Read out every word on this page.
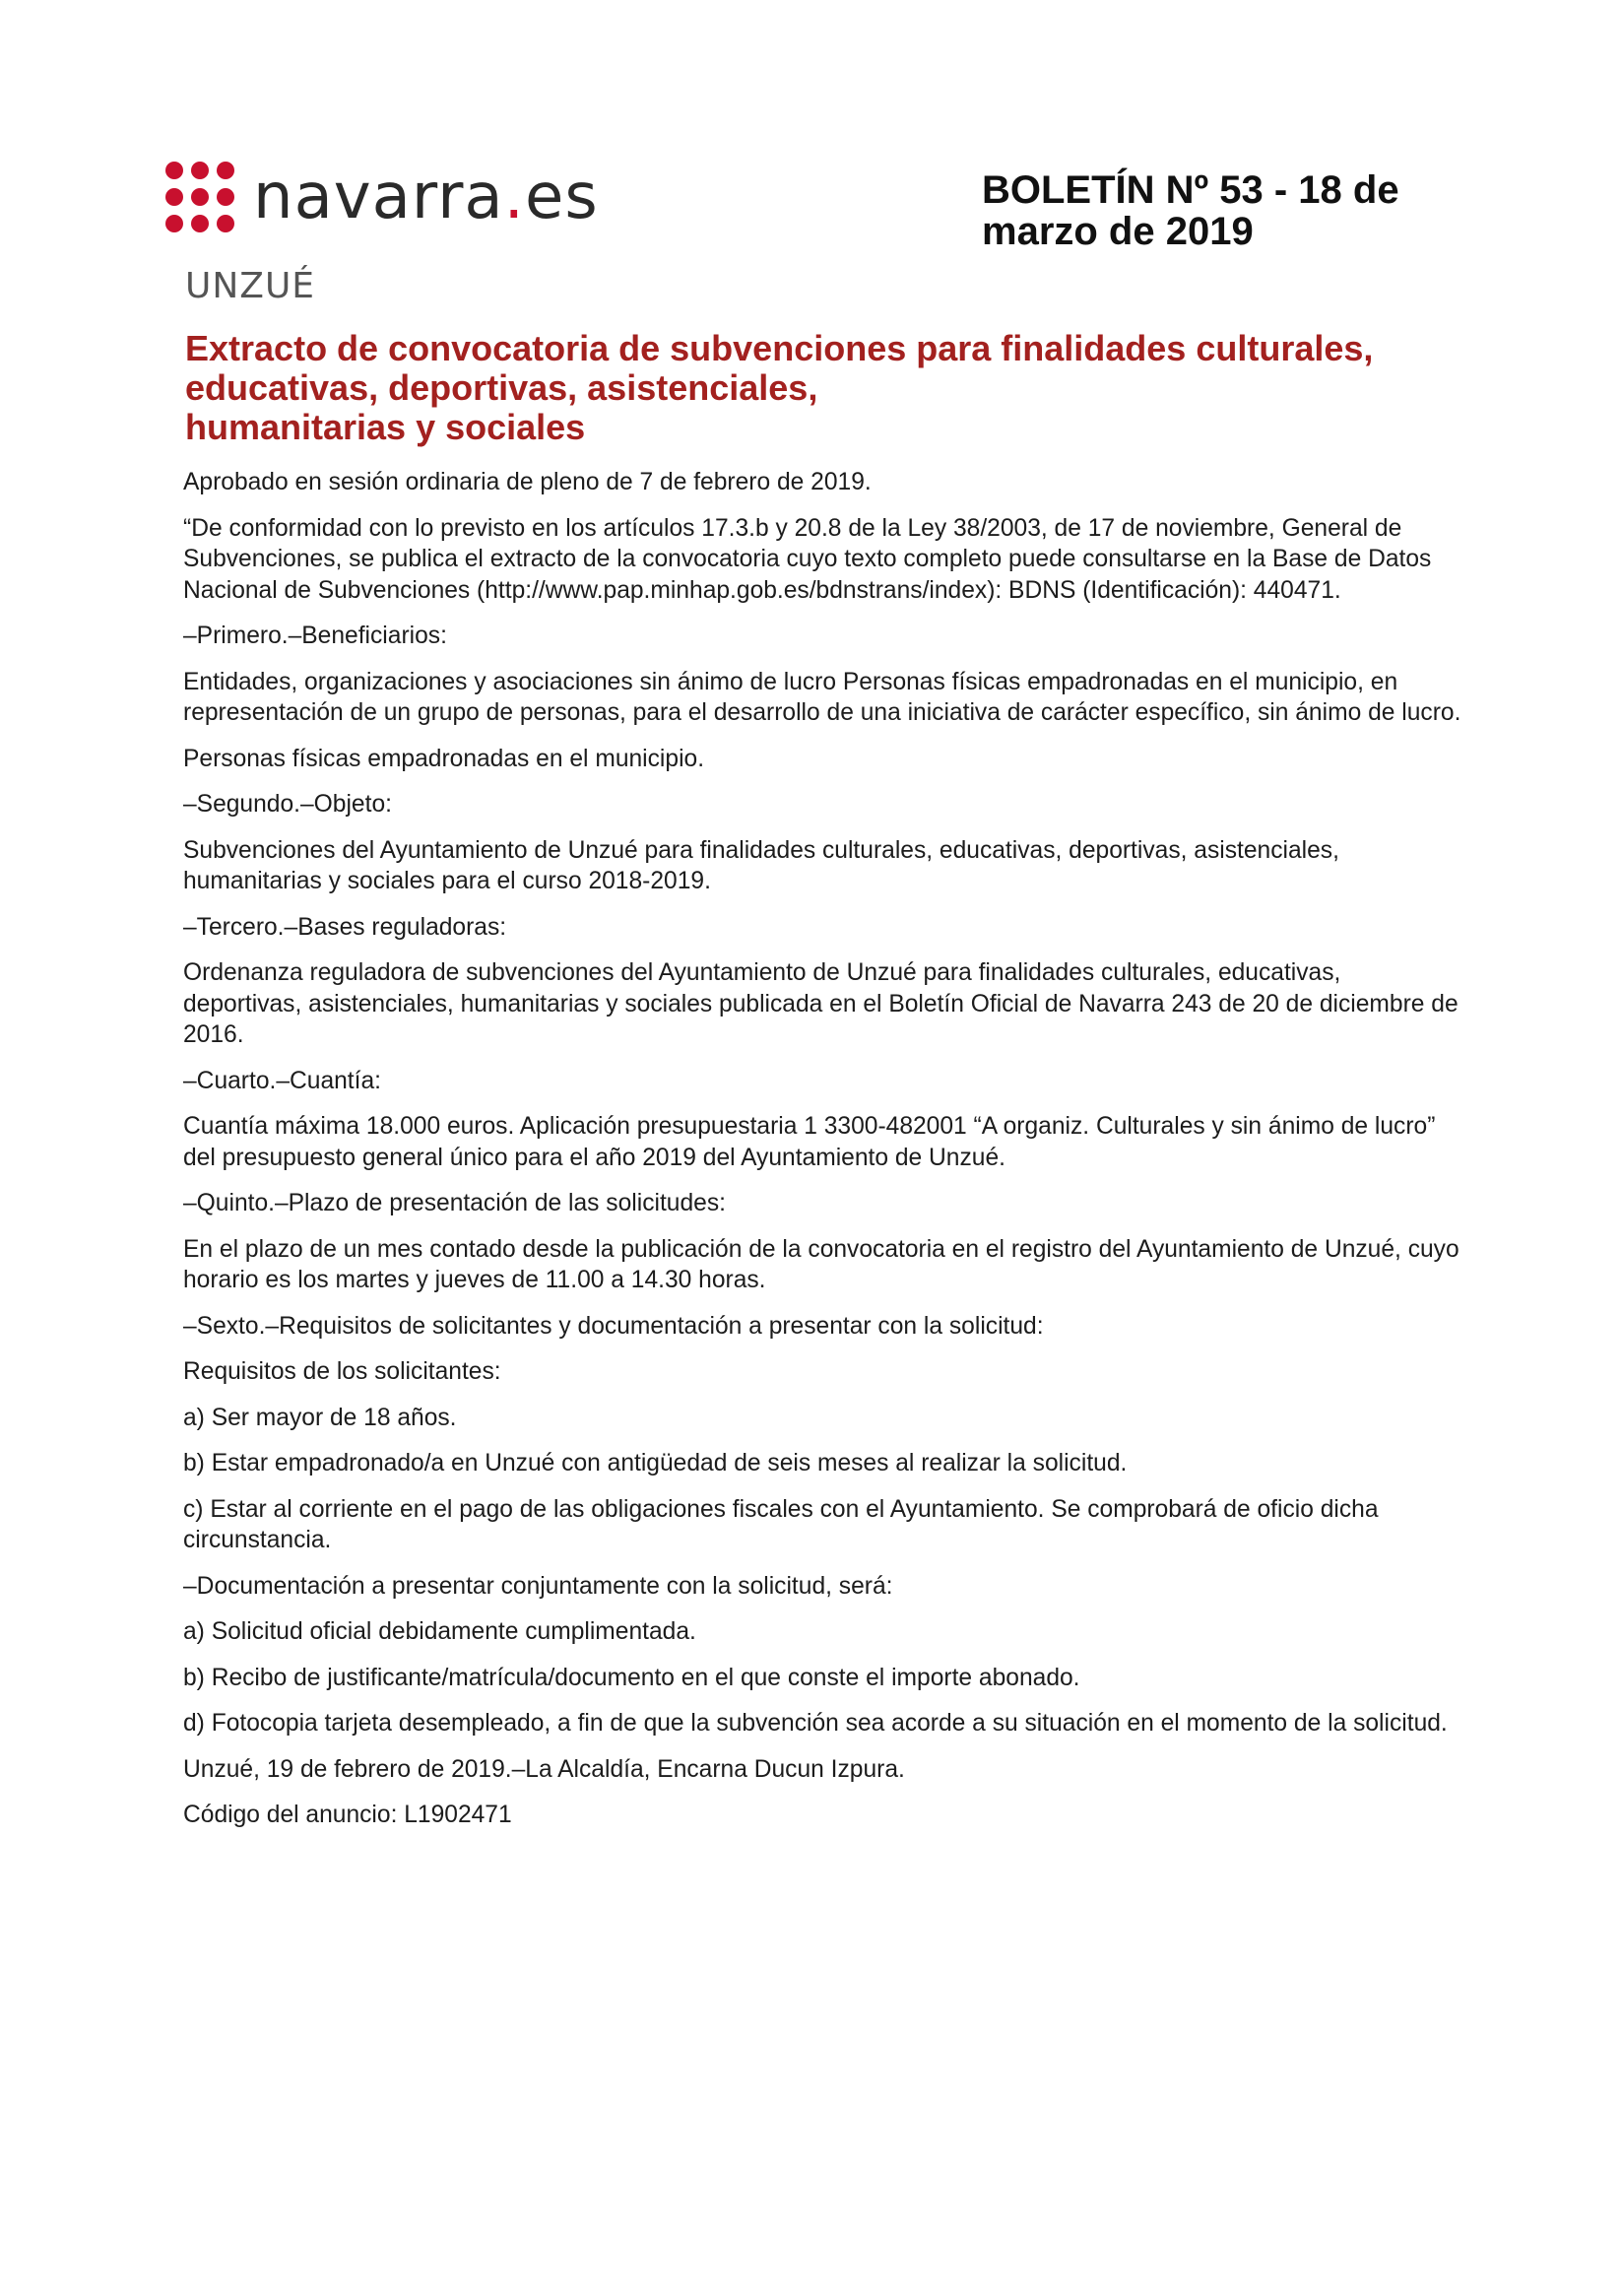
navarra.es	BOLETÍN Nº 53 - 18 de
marzo de 2019
UNZUÉ
Extracto de convocatoria de subvenciones para finalidades culturales,
educativas, deportivas, asistenciales,
humanitarias y sociales

Aprobado en sesión ordinaria de pleno de 7 de febrero de 2019.

“De conformidad con lo previsto en los artículos 17.3.b y 20.8 de la Ley 38/2003, de 17 de noviembre, General de Subvenciones, se publica el extracto de la convocatoria cuyo texto completo puede consultarse en la Base de Datos Nacional de Subvenciones (http://www.pap.minhap.gob.es/bdnstrans/index): BDNS (Identificación): 440471.

–Primero.–Beneficiarios:

Entidades, organizaciones y asociaciones sin ánimo de lucro Personas físicas empadronadas en el municipio, en representación de un grupo de personas, para el desarrollo de una iniciativa de carácter específico, sin ánimo de lucro.

Personas físicas empadronadas en el municipio.

–Segundo.–Objeto:

Subvenciones del Ayuntamiento de Unzué para finalidades culturales, educativas, deportivas, asistenciales, humanitarias y sociales para el curso 2018-2019.

–Tercero.–Bases reguladoras:

Ordenanza reguladora de subvenciones del Ayuntamiento de Unzué para finalidades culturales, educativas, deportivas, asistenciales, humanitarias y sociales publicada en el Boletín Oficial de Navarra 243 de 20 de diciembre de 2016.

–Cuarto.–Cuantía:

Cuantía máxima 18.000 euros. Aplicación presupuestaria 1 3300-482001 “A organiz. Culturales y sin ánimo de lucro” del presupuesto general único para el año 2019 del Ayuntamiento de Unzué.

–Quinto.–Plazo de presentación de las solicitudes:

En el plazo de un mes contado desde la publicación de la convocatoria en el registro del Ayuntamiento de Unzué, cuyo horario es los martes y jueves de 11.00 a 14.30 horas.

–Sexto.–Requisitos de solicitantes y documentación a presentar con la solicitud:

Requisitos de los solicitantes:

a) Ser mayor de 18 años.

b) Estar empadronado/a en Unzué con antigüedad de seis meses al realizar la solicitud.

c) Estar al corriente en el pago de las obligaciones fiscales con el Ayuntamiento. Se comprobará de oficio dicha circunstancia.

–Documentación a presentar conjuntamente con la solicitud, será:

a) Solicitud oficial debidamente cumplimentada.

b) Recibo de justificante/matrícula/documento en el que conste el importe abonado.

d) Fotocopia tarjeta desempleado, a fin de que la subvención sea acorde a su situación en el momento de la solicitud.

Unzué, 19 de febrero de 2019.–La Alcaldía, Encarna Ducun Izpura.

Código del anuncio: L1902471
